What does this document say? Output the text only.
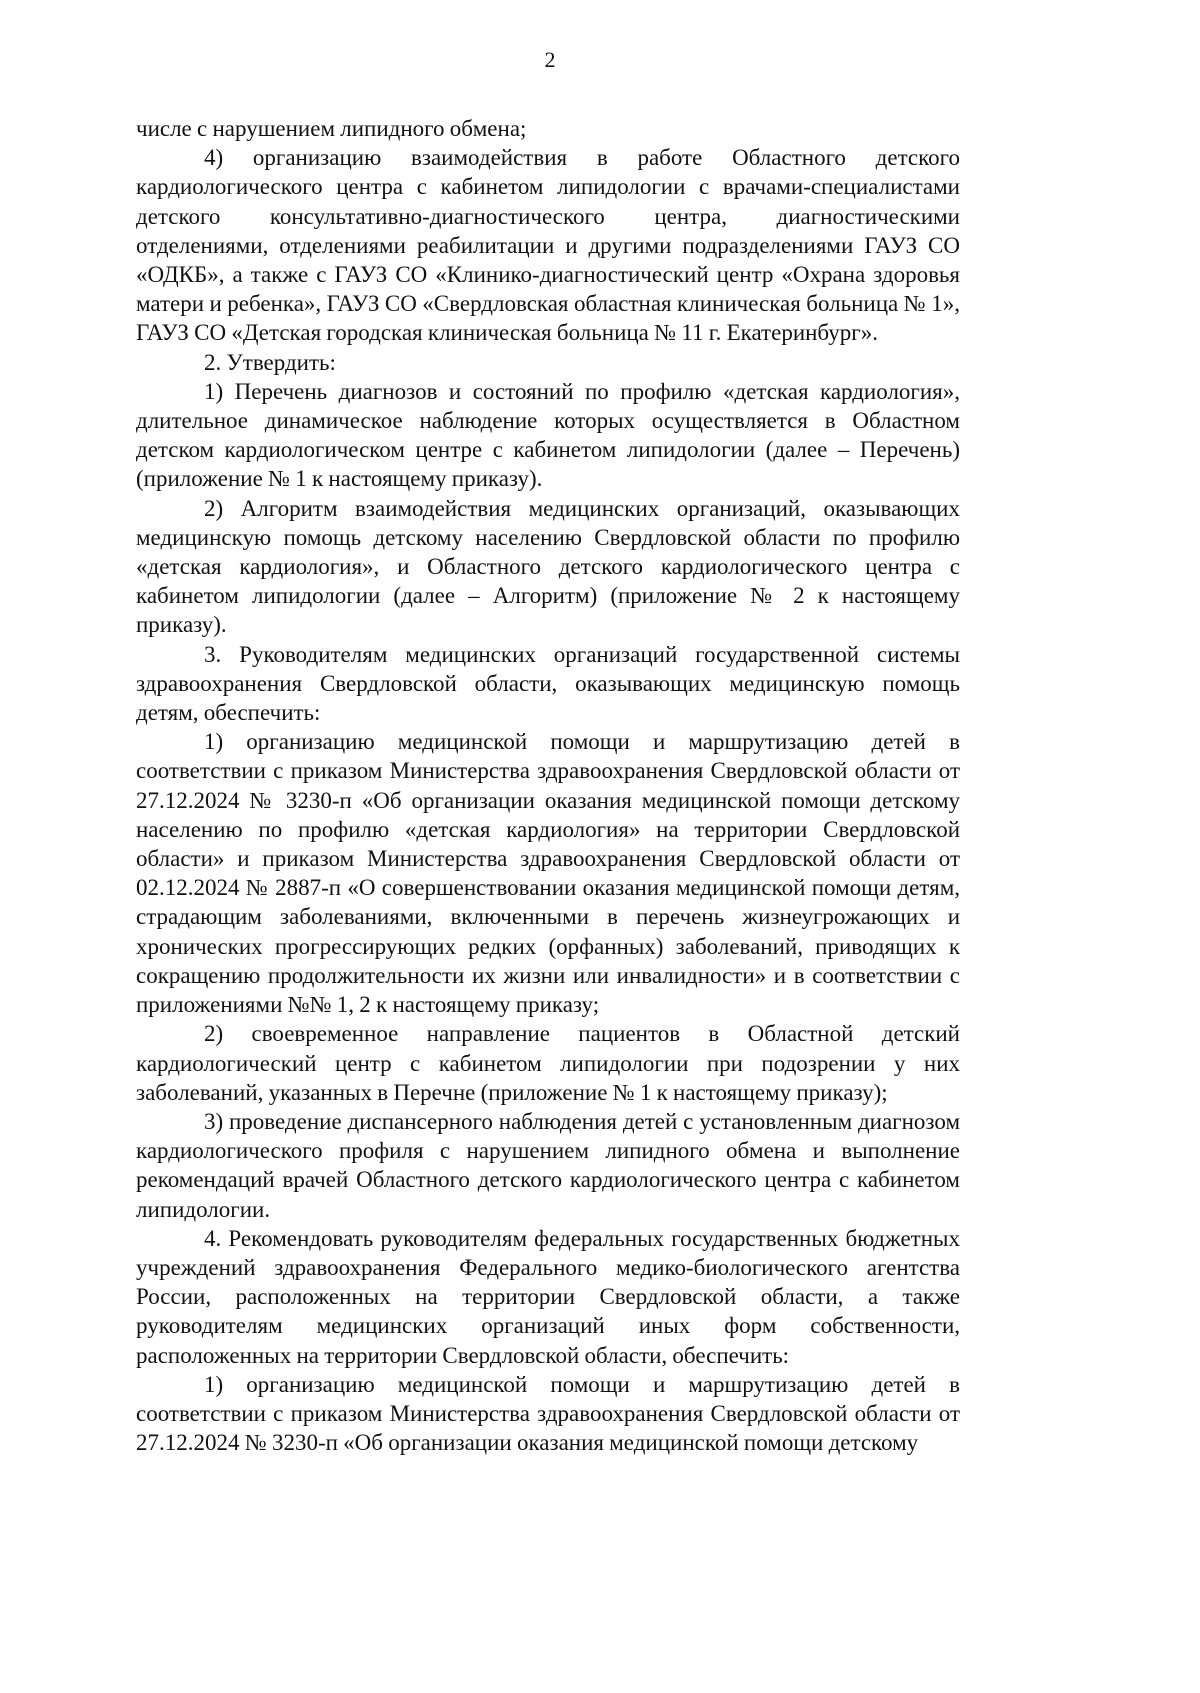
2

числе с нарушением липидного обмена;

4) организацию взаимодействия в работе Областного детского кардиологического центра с кабинетом липидологии с врачами-специалистами детского консультативно-диагностического центра, диагностическими отделениями, отделениями реабилитации и другими подразделениями ГАУЗ СО «ОДКБ», а также с ГАУЗ СО «Клинико-диагностический центр «Охрана здоровья матери и ребенка», ГАУЗ СО «Свердловская областная клиническая больница № 1», ГАУЗ СО «Детская городская клиническая больница № 11 г. Екатеринбург».

2. Утвердить:

1) Перечень диагнозов и состояний по профилю «детская кардиология», длительное динамическое наблюдение которых осуществляется в Областном детском кардиологическом центре с кабинетом липидологии (далее – Перечень) (приложение № 1 к настоящему приказу).

2) Алгоритм взаимодействия медицинских организаций, оказывающих медицинскую помощь детскому населению Свердловской области по профилю «детская кардиология», и Областного детского кардиологического центра с кабинетом липидологии (далее – Алгоритм) (приложение № 2 к настоящему приказу).

3. Руководителям медицинских организаций государственной системы здравоохранения Свердловской области, оказывающих медицинскую помощь детям, обеспечить:

1) организацию медицинской помощи и маршрутизацию детей в соответствии с приказом Министерства здравоохранения Свердловской области от 27.12.2024 № 3230-п «Об организации оказания медицинской помощи детскому населению по профилю «детская кардиология» на территории Свердловской области» и приказом Министерства здравоохранения Свердловской области от 02.12.2024 № 2887-п «О совершенствовании оказания медицинской помощи детям, страдающим заболеваниями, включенными в перечень жизнеугрожающих и хронических прогрессирующих редких (орфанных) заболеваний, приводящих к сокращению продолжительности их жизни или инвалидности» и в соответствии с приложениями №№ 1, 2 к настоящему приказу;

2) своевременное направление пациентов в Областной детский кардиологический центр с кабинетом липидологии при подозрении у них заболеваний, указанных в Перечне (приложение № 1 к настоящему приказу);

3) проведение диспансерного наблюдения детей с установленным диагнозом кардиологического профиля с нарушением липидного обмена и выполнение рекомендаций врачей Областного детского кардиологического центра с кабинетом липидологии.

4. Рекомендовать руководителям федеральных государственных бюджетных учреждений здравоохранения Федерального медико-биологического агентства России, расположенных на территории Свердловской области, а также руководителям медицинских организаций иных форм собственности, расположенных на территории Свердловской области, обеспечить:

1) организацию медицинской помощи и маршрутизацию детей в соответствии с приказом Министерства здравоохранения Свердловской области от 27.12.2024 № 3230-п «Об организации оказания медицинской помощи детскому
